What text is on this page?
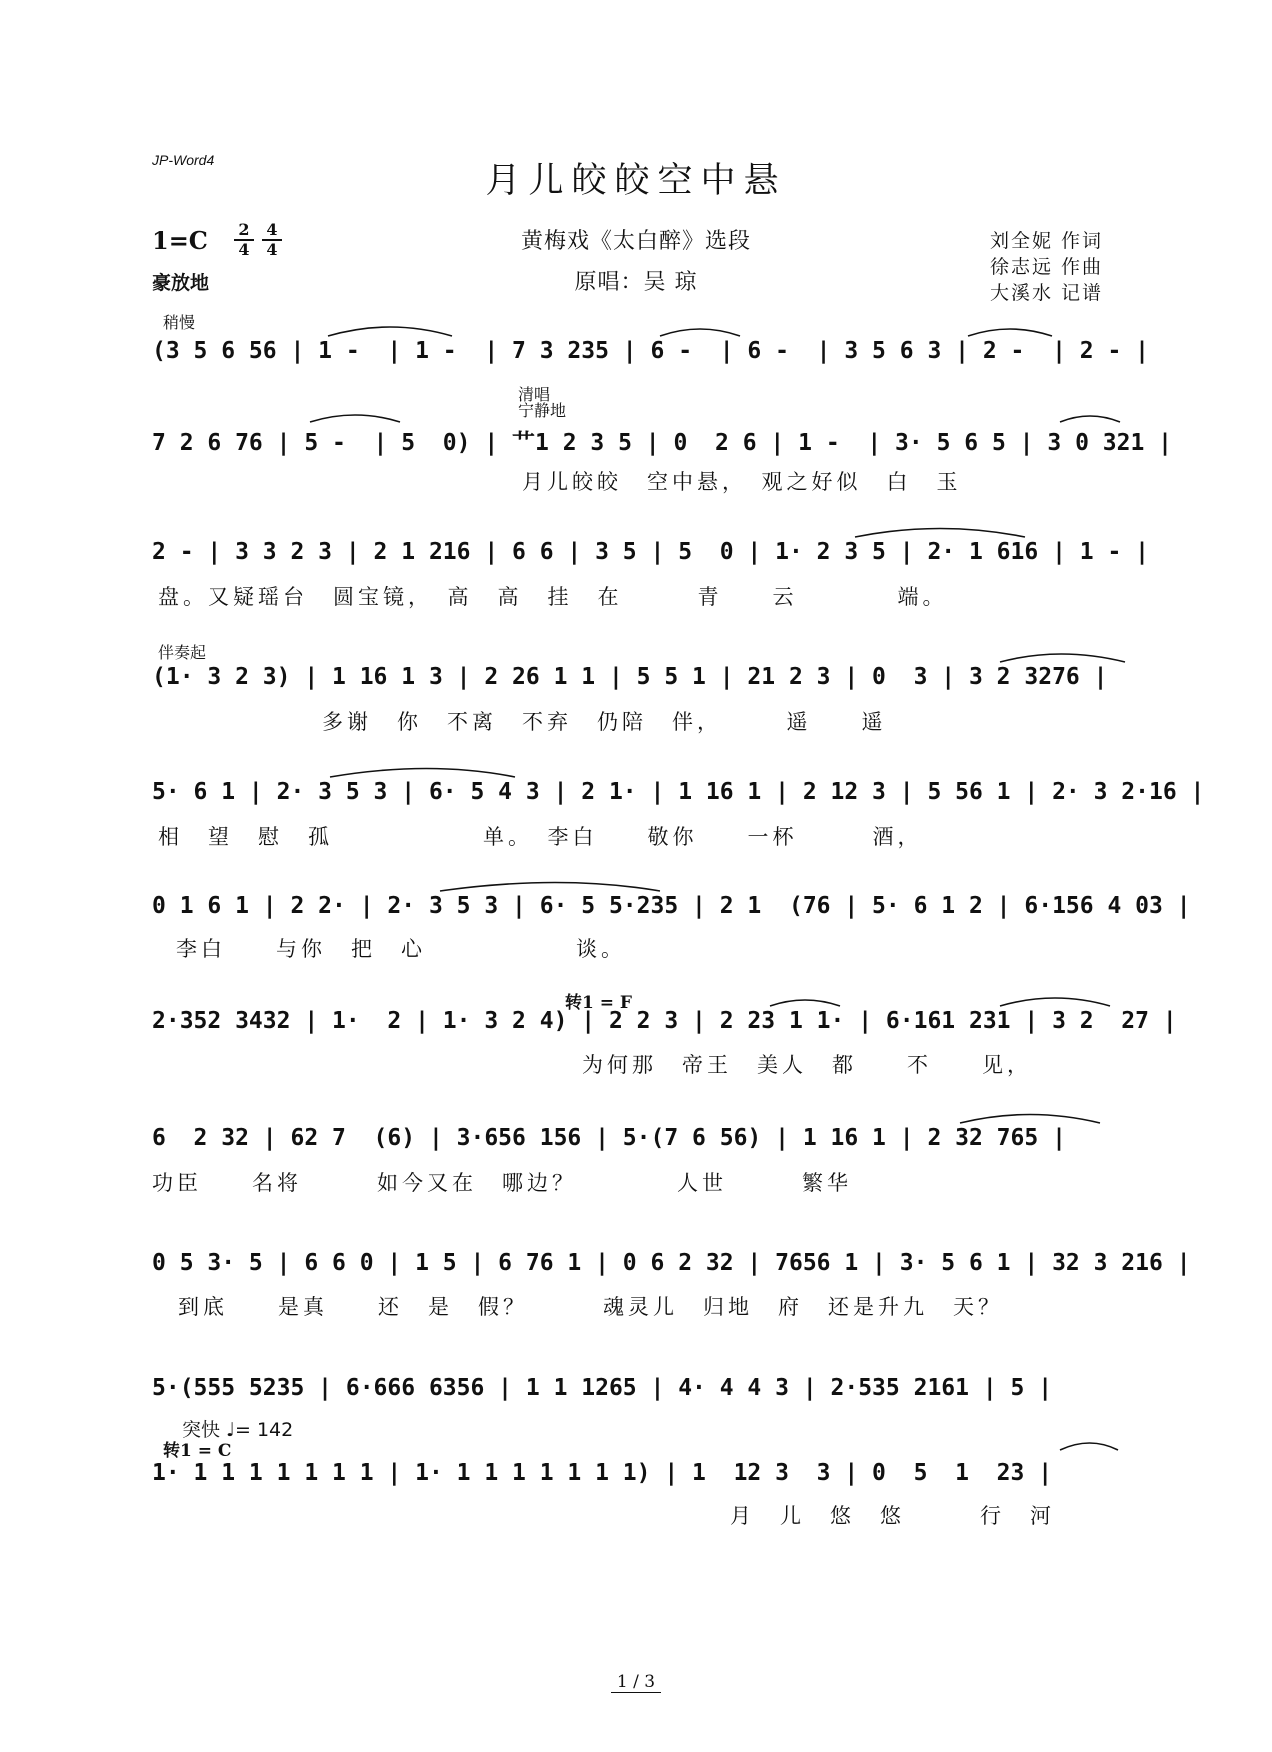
JP-Word4
月儿皎皎空中悬
1=C 2
4
4
4
豪放地
黄梅戏《太白醉》选段
原唱：吴 琼
刘全妮 作词
徐志远 作曲
大溪水 记谱
稍慢
清唱
宁静地
伴奏起
转1 = F
突快 ♩= 142
转1 = C
(3 5 6 56 | 1 -  | 1 -  | 7 3 235 | 6 -  | 6 -  | 3 5 6 3 | 2 -  | 2 - |
7 2 6 76 | 5 -  | 5  0) | 艹1 2 3 5 | 0  2 6 | 1 -  | 3· 5 6 5 | 3 0 321 |
月儿皎皎　空中悬，　观之好似　白　玉
2 - | 3 3 2 3 | 2 1 216 | 6 6 | 3 5 | 5  0 | 1· 2 3 5 | 2· 1 616 | 1 - |
盘。又疑瑶台　圆宝镜，　高　高　挂　在　　　青　　云　　　　端。
(1· 3 2 3) | 1 16 1 3 | 2 26 1 1 | 5 5 1 | 21 2 3 | 0  3 | 3 2 3276 |
多谢　你　不离　不弃　仍陪　伴，　　　遥　　遥
5· 6 1 | 2· 3 5 3 | 6· 5 4 3 | 2 1· | 1 16 1 | 2 12 3 | 5 56 1 | 2· 3 2·16 |
相　望　慰　孤　　　　　　单。　李白　　敬你　　一杯　　　酒，
0 1 6 1 | 2 2· | 2· 3 5 3 | 6· 5 5·235 | 2 1  (76 | 5· 6 1 2 | 6·156 4 03 |
李白　　与你　把　心　　　　　　谈。
2·352 3432 | 1·  2 | 1· 3 2 4) | 2 2 3 | 2 23 1 1· | 6·161 231 | 3 2  27 |
为何那　帝王　美人　都　　不　　见，
6  2 32 | 62 7  (6) | 3·656 156 | 5·(7 6 56) | 1 16 1 | 2 32 765 |
功臣　　名将　　　如今又在　哪边？　　　　人世　　　繁华
0 5 3· 5 | 6 6 0 | 1 5 | 6 76 1 | 0 6 2 32 | 7656 1 | 3· 5 6 1 | 32 3 216 |
到底　　是真　　还　是　假？　　　魂灵儿　归地　府　还是升九　天？
5·(555 5235 | 6·666 6356 | 1 1 1265 | 4· 4 4 3 | 2·535 2161 | 5 |
1· 1 1 1 1 1 1 1 | 1· 1 1 1 1 1 1 1) | 1  12 3  3 | 0  5  1  23 |
月　儿　悠　悠　　　行　河
1 / 3
